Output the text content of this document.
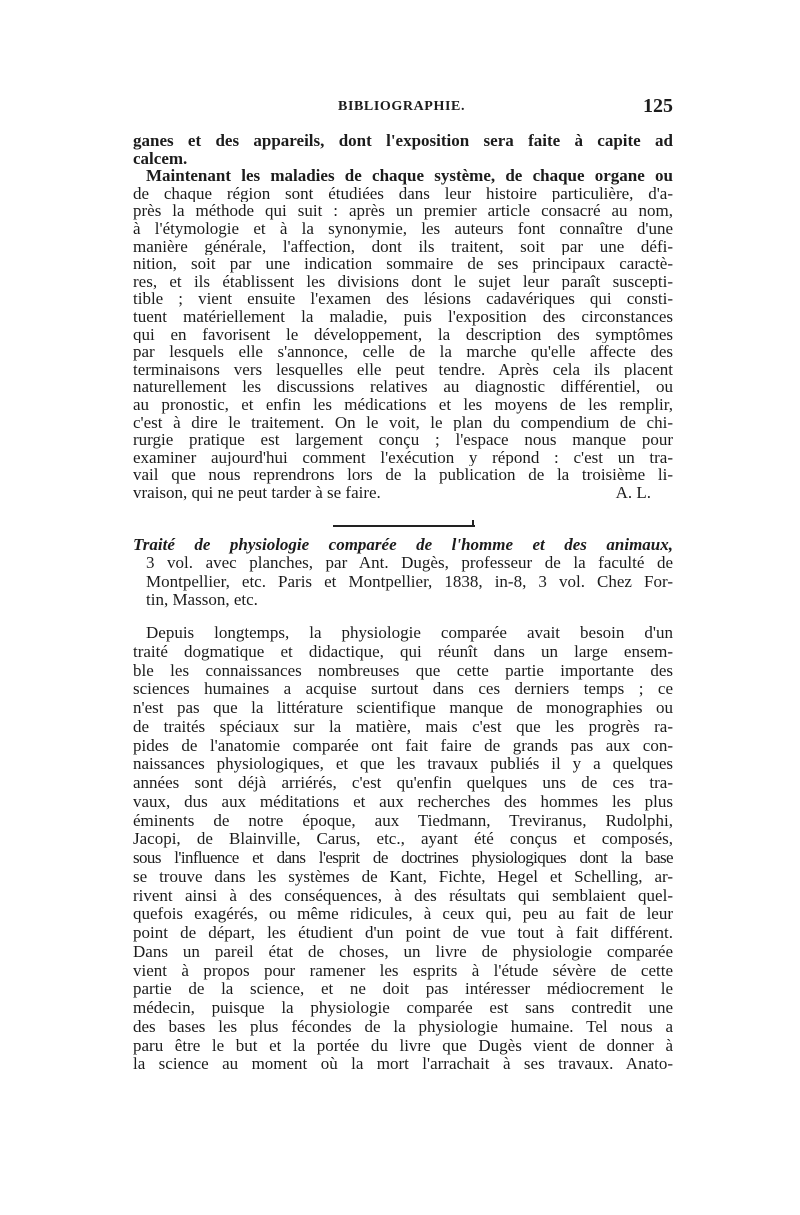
BIBLIOGRAPHIE.	125
ganes et des appareils, dont l'exposition sera faite à capite ad
calcem.
Maintenant les maladies de chaque système, de chaque organe ou
de chaque région sont étudiées dans leur histoire particulière, d'a-
près la méthode qui suit : après un premier article consacré au nom,
à l'étymologie et à la synonymie, les auteurs font connaître d'une
manière générale, l'affection, dont ils traitent, soit par une défi-
nition, soit par une indication sommaire de ses principaux caractè-
res, et ils établissent les divisions dont le sujet leur paraît suscepti-
tible ; vient ensuite l'examen des lésions cadavériques qui consti-
tuent matériellement la maladie, puis l'exposition des circonstances
qui en favorisent le développement, la description des symptômes
par lesquels elle s'annonce, celle de la marche qu'elle affecte des
terminaisons vers lesquelles elle peut tendre. Après cela ils placent
naturellement les discussions relatives au diagnostic différentiel, ou
au pronostic, et enfin les médications et les moyens de les remplir,
c'est à dire le traitement. On le voit, le plan du compendium de chi-
rurgie pratique est largement conçu ; l'espace nous manque pour
examiner aujourd'hui comment l'exécution y répond : c'est un tra-
vail que nous reprendrons lors de la publication de la troisième li-
vraison, qui ne peut tarder à se faire.	A. L.
Traité de physiologie comparée de l'homme et des animaux,
3 vol. avec planches, par Ant. Dugès, professeur de la faculté de
Montpellier, etc. Paris et Montpellier, 1838, in-8, 3 vol. Chez For-
tin, Masson, etc.
Depuis longtemps, la physiologie comparée avait besoin d'un
traité dogmatique et didactique, qui réunît dans un large ensem-
ble les connaissances nombreuses que cette partie importante des
sciences humaines a acquise surtout dans ces derniers temps ; ce
n'est pas que la littérature scientifique manque de monographies ou
de traités spéciaux sur la matière, mais c'est que les progrès ra-
pides de l'anatomie comparée ont fait faire de grands pas aux con-
naissances physiologiques, et que les travaux publiés il y a quelques
années sont déjà arriérés, c'est qu'enfin quelques uns de ces tra-
vaux, dus aux méditations et aux recherches des hommes les plus
éminents de notre époque, aux Tiedmann, Treviranus, Rudolphi,
Jacopi, de Blainville, Carus, etc., ayant été conçus et composés,
sous l'influence et dans l'esprit de doctrines physiologiques dont la base
se trouve dans les systèmes de Kant, Fichte, Hegel et Schelling, ar-
rivent ainsi à des conséquences, à des résultats qui semblaient quel-
quefois exagérés, ou même ridicules, à ceux qui, peu au fait de leur
point de départ, les étudient d'un point de vue tout à fait différent.
Dans un pareil état de choses, un livre de physiologie comparée
vient à propos pour ramener les esprits à l'étude sévère de cette
partie de la science, et ne doit pas intéresser médiocrement le
médecin, puisque la physiologie comparée est sans contredit une
des bases les plus fécondes de la physiologie humaine. Tel nous a
paru être le but et la portée du livre que Dugès vient de donner à
la science au moment où la mort l'arrachait à ses travaux. Anato-
